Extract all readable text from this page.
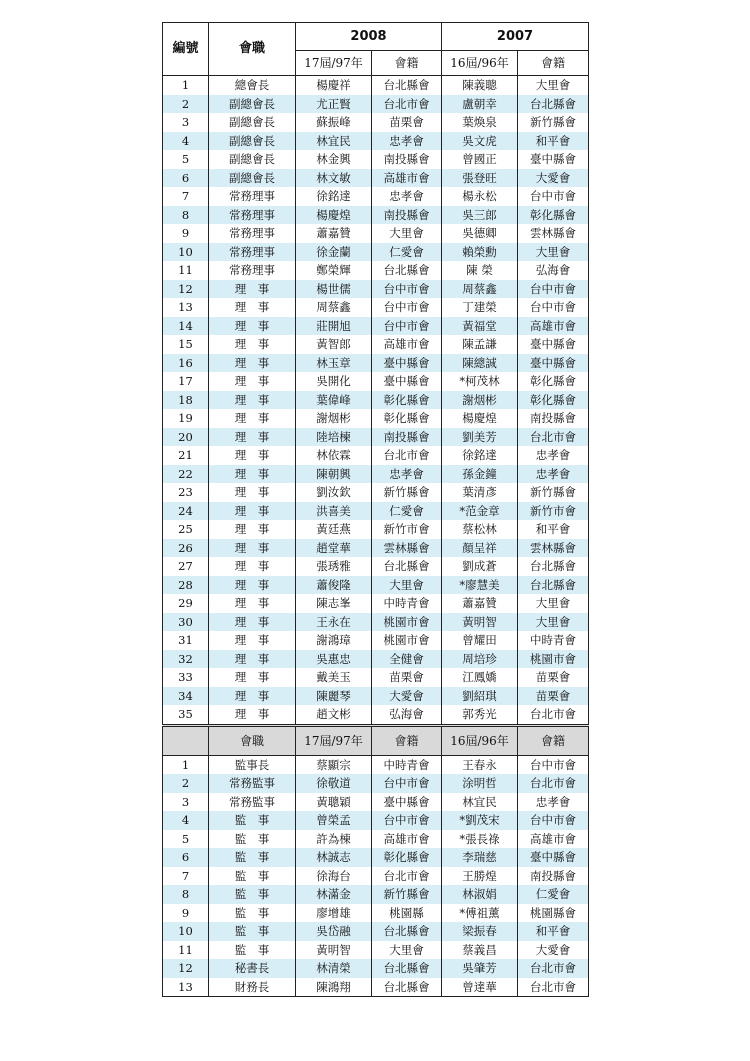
編號	會職	2008		2007	
		17屆/97年	會籍	16屆/96年	會籍
1	總會長	楊慶祥	台北縣會	陳義聰	大里會
2	副總會長	尤正賢	台北市會	盧朝幸	台北縣會
3	副總會長	蘇振峰	苗栗會	葉煥泉	新竹縣會
4	副總會長	林宜民	忠孝會	吳文虎	和平會
5	副總會長	林金興	南投縣會	曾國正	臺中縣會
6	副總會長	林文敏	高雄市會	張登旺	大愛會
7	常務理事	徐銘達	忠孝會	楊永松	台中市會
8	常務理事	楊慶煌	南投縣會	吳三郎	彰化縣會
9	常務理事	蕭嘉贊	大里會	吳德卿	雲林縣會
10	常務理事	徐金蘭	仁愛會	賴榮勳	大里會
11	常務理事	鄭榮輝	台北縣會	陳 榮	弘海會
12	理　事	楊世儒	台中市會	周蔡鑫	台中市會
13	理　事	周蔡鑫	台中市會	丁建榮	台中市會
14	理　事	莊開旭	台中市會	黃福堂	高雄市會
15	理　事	黃智郎	高雄市會	陳孟謙	臺中縣會
16	理　事	林玉章	臺中縣會	陳總誠	臺中縣會
17	理　事	吳開化	臺中縣會	*柯茂林	彰化縣會
18	理　事	葉偉峰	彰化縣會	謝烟彬	彰化縣會
19	理　事	謝烟彬	彰化縣會	楊慶煌	南投縣會
20	理　事	陸培楝	南投縣會	劉美芳	台北市會
21	理　事	林依霖	台北市會	徐銘達	忠孝會
22	理　事	陳朝興	忠孝會	孫金鐘	忠孝會
23	理　事	劉汝欽	新竹縣會	葉清彥	新竹縣會
24	理　事	洪喜美	仁愛會	*范金章	新竹市會
25	理　事	黃廷燕	新竹市會	蔡松林	和平會
26	理　事	趙堂華	雲林縣會	顏呈祥	雲林縣會
27	理　事	張琇雅	台北縣會	劉成蒼	台北縣會
28	理　事	蕭俊隆	大里會	*廖慧美	台北縣會
29	理　事	陳志峯	中時青會	蕭嘉贊	大里會
30	理　事	王永在	桃園市會	黃明智	大里會
31	理　事	謝鴻璋	桃園市會	曾耀田	中時青會
32	理　事	吳惠忠	全健會	周培珍	桃園市會
33	理　事	戴美玉	苗栗會	江鳳嬌	苗栗會
34	理　事	陳麗琴	大愛會	劉紹琪	苗栗會
35	理　事	趙文彬	弘海會	郭秀光	台北市會
	會職	17屆/97年	會籍	16屆/96年	會籍
1	監事長	蔡顯宗	中時青會	王春永	台中市會
2	常務監事	徐敬道	台中市會	涂明哲	台北市會
3	常務監事	黃聰穎	臺中縣會	林宜民	忠孝會
4	監　事	曾榮孟	台中市會	*劉茂宋	台中市會
5	監　事	許為棟	高雄市會	*張長祿	高雄市會
6	監　事	林誠志	彰化縣會	李瑞慈	臺中縣會
7	監　事	徐海台	台北市會	王勝煌	南投縣會
8	監　事	林滿金	新竹縣會	林淑娟	仁愛會
9	監　事	廖增雄	桃園縣	*傅祖薰	桃園縣會
10	監　事	吳岱融	台北縣會	梁振春	和平會
11	監　事	黃明智	大里會	蔡義昌	大愛會
12	秘書長	林清榮	台北縣會	吳肇芳	台北市會
13	財務長	陳鴻翔	台北縣會	曾達華	台北市會
